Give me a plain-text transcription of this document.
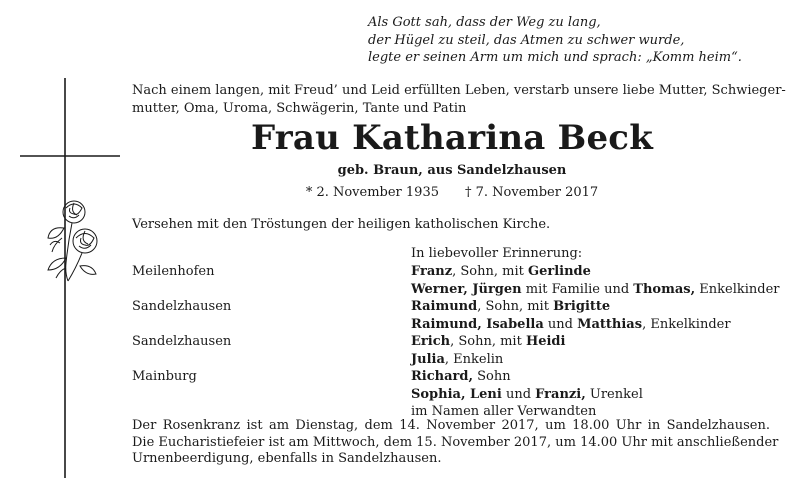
Als Gott sah, dass der Weg zu lang,
der Hügel zu steil, das Atmen zu schwer wurde,
legte er seinen Arm um mich und sprach: „Komm heim“.
Nach einem langen, mit Freud’ und Leid erfüllten Leben, verstarb unsere liebe Mutter, Schwieger-
mutter, Oma, Uroma, Schwägerin, Tante und Patin
Frau Katharina Beck
geb. Braun, aus Sandelzhausen
* 2. November 1935 † 7. November 2017
Versehen mit den Tröstungen der heiligen katholischen Kirche.
In liebevoller Erinnerung:
Meilenhofen
Sandelzhausen
Sandelzhausen
Mainburg
Franz, Sohn, mit Gerlinde
Werner, Jürgen mit Familie und Thomas, Enkelkinder
Raimund, Sohn, mit Brigitte
Raimund, Isabella und Matthias, Enkelkinder
Erich, Sohn, mit Heidi
Julia, Enkelin
Richard, Sohn
Sophia, Leni und Franzi, Urenkel
im Namen aller Verwandten
Der Rosenkranz ist am Dienstag, dem 14. November 2017, um 18.00 Uhr in Sandelzhausen.
Die Eucharistiefeier ist am Mittwoch, dem 15. November 2017, um 14.00 Uhr mit anschließender
Urnenbeerdigung, ebenfalls in Sandelzhausen.
